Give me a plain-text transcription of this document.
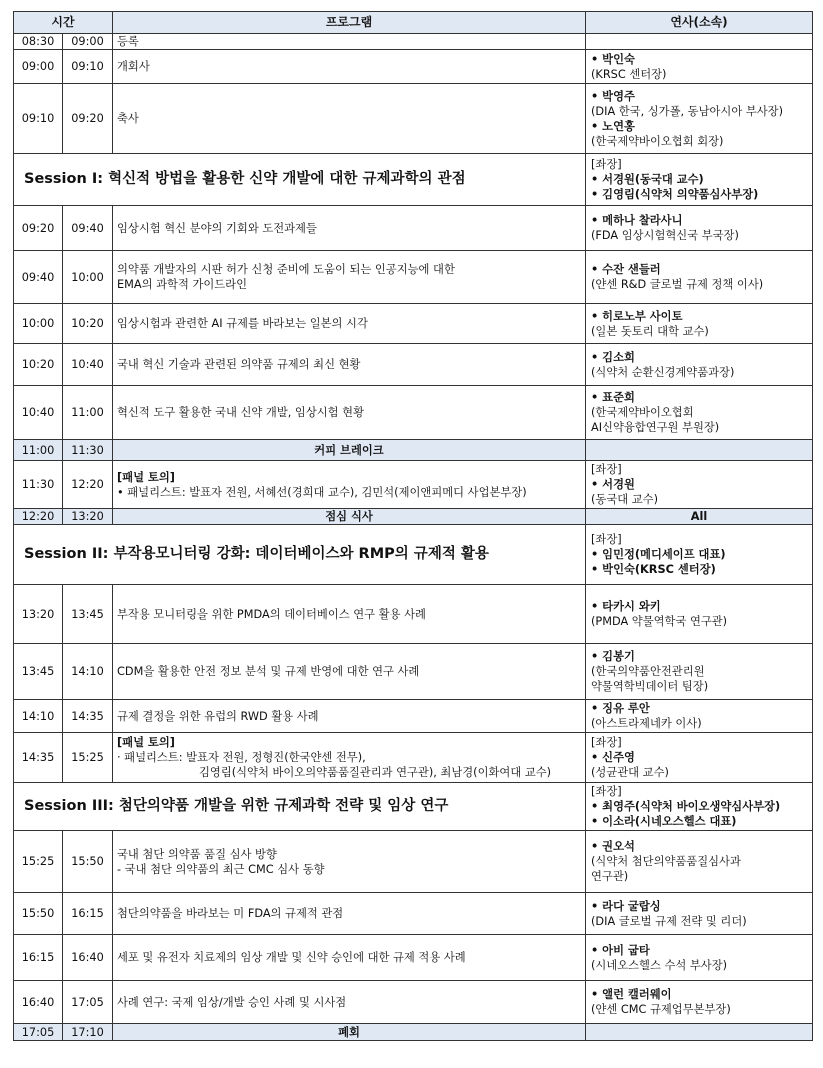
시간		프로그램	연사(소속)
08:30	09:00	등록	
09:00	09:10	개회사	• 박인숙
(KRSC 센터장)

09:10	09:20	축사	• 박영주
(DIA 한국, 싱가폴, 동남아시아 부사장)
• 노연홍
(한국제약바이오협회 회장)

Session I: 혁신적 방법을 활용한 신약 개발에 대한 규제과학의 관점			[좌장]
• 서경원(동국대 교수)
• 김영림(식약처 의약품심사부장)

09:20	09:40	임상시험 혁신 분야의 기회와 도전과제들	• 메하나 찰라사니
(FDA 임상시험혁신국 부국장)

09:40	10:00	의약품 개발자의 시판 허가 신청 준비에 도움이 되는 인공지능에 대한
EMA의 과학적 가이드라인	• 수잔 샌들러
(얀센 R&D 글로벌 규제 정책 이사)

10:00	10:20	임상시험과 관련한 AI 규제를 바라보는 일본의 시각	• 히로노부 사이토
(일본 돗토리 대학 교수)

10:20	10:40	국내 혁신 기술과 관련된 의약품 규제의 최신 현황	• 김소희
(식약처 순환신경계약품과장)

10:40	11:00	혁신적 도구 활용한 국내 신약 개발, 임상시험 현황	• 표준희
(한국제약바이오협회
AI신약융합연구원 부원장)

11:00	11:30	커피 브레이크	
11:30	12:20	[패널 토의]
• 패널리스트: 발표자 전원, 서혜선(경희대 교수), 김민석(제이앤피메디 사업본부장)	[좌장]
• 서경원
(동국대 교수)

12:20	13:20	점심 식사	All
Session II: 부작용모니터링 강화: 데이터베이스와 RMP의 규제적 활용			[좌장]
• 임민정(메디세이프 대표)
• 박인숙(KRSC 센터장)

13:20	13:45	부작용 모니터링을 위한 PMDA의 데이터베이스 연구 활용 사례	• 타카시 와키
(PMDA 약물역학국 연구관)

13:45	14:10	CDM을 활용한 안전 정보 분석 및 규제 반영에 대한 연구 사례	• 김봉기
(한국의약품안전관리원
약물역학빅데이터 팀장)

14:10	14:35	규제 결정을 위한 유럽의 RWD 활용 사례	• 징유 루안
(아스트라제네카 이사)

14:35	15:25	[패널 토의]
· 패널리스트: 발표자 전원, 정형진(한국얀센 전무),
김영림(식약처 바이오의약품품질관리과 연구관), 최남경(이화여대 교수)	[좌장]
• 신주영
(성균관대 교수)

Session III: 첨단의약품 개발을 위한 규제과학 전략 및 임상 연구			[좌장]
• 최영주(식약처 바이오생약심사부장)
• 이소라(시네오스헬스 대표)

15:25	15:50	국내 첨단 의약품 품질 심사 방향
- 국내 첨단 의약품의 최근 CMC 심사 동향	• 권오석
(식약처 첨단의약품품질심사과
연구관)

15:50	16:15	첨단의약품을 바라보는 미 FDA의 규제적 관점	• 라다 굴랍싱
(DIA 글로벌 규제 전략 및 리더)

16:15	16:40	세포 및 유전자 치료제의 임상 개발 및 신약 승인에 대한 규제 적용 사례	• 아비 굽타
(시네오스헬스 수석 부사장)

16:40	17:05	사례 연구: 국제 임상/개발 승인 사례 및 시사점	• 앨런 캘러웨이
(얀센 CMC 규제업무본부장)

17:05	17:10	폐회	
